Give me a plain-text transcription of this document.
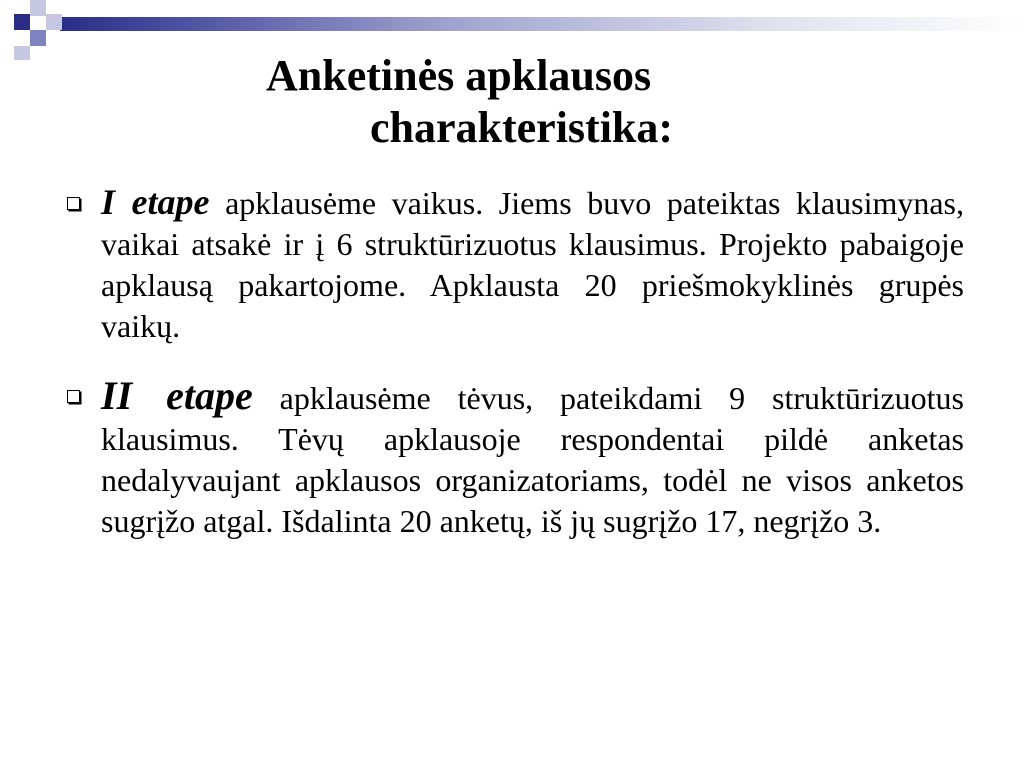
Anketinės apklausos
charakteristika:
I etape apklausėme vaikus. Jiems buvo pateiktas klausimynas, vaikai atsakė ir į 6 struktūrizuotus klausimus. Projekto pabaigoje apklausą pakartojome. Apklausta 20 priešmokyklinės grupės vaikų.
II etape apklausėme tėvus, pateikdami 9 struktūrizuotus klausimus. Tėvų apklausoje respondentai pildė anketas nedalyvaujant apklausos organizatoriams, todėl ne visos anketos sugrįžo atgal. Išdalinta 20 anketų, iš jų sugrįžo 17, negrįžo 3.
